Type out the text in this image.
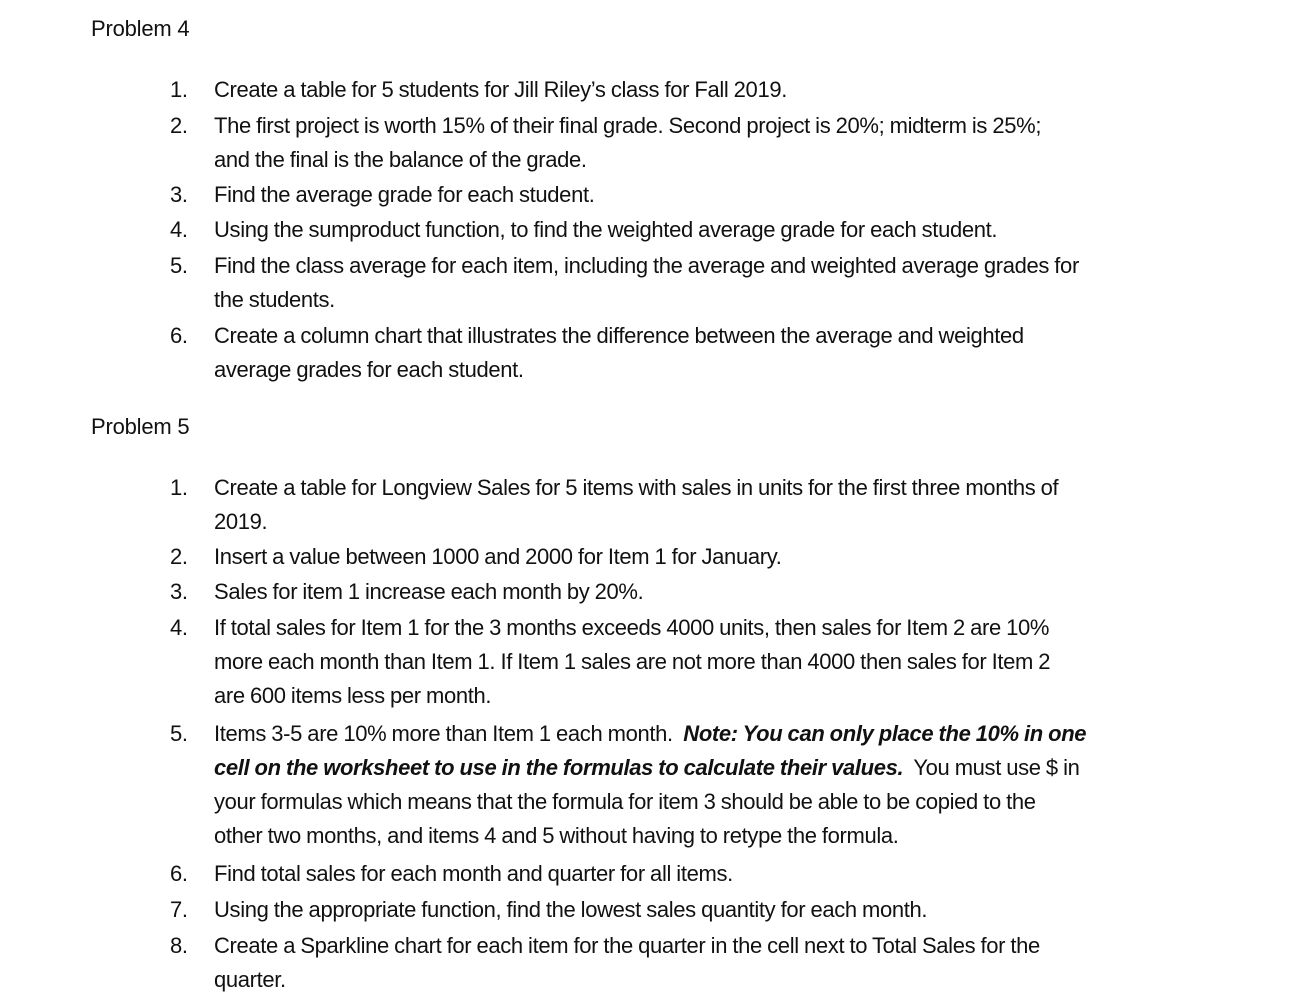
Problem 4
1.	Create a table for 5 students for Jill Riley’s class for Fall 2019.
2.	The first project is worth 15% of their final grade. Second project is 20%; midterm is 25%;
and the final is the balance of the grade.
3.	Find the average grade for each student.
4.	Using the sumproduct function, to find the weighted average grade for each student.
5.	Find the class average for each item, including the average and weighted average grades for
the students.
6.	Create a column chart that illustrates the difference between the average and weighted
average grades for each student.
Problem 5
1.	Create a table for Longview Sales for 5 items with sales in units for the first three months of
2019.
2.	Insert a value between 1000 and 2000 for Item 1 for January.
3.	Sales for item 1 increase each month by 20%.
4.	If total sales for Item 1 for the 3 months exceeds 4000 units, then sales for Item 2 are 10%
more each month than Item 1. If Item 1 sales are not more than 4000 then sales for Item 2
are 600 items less per month.
5.	Items 3-5 are 10% more than Item 1 each month.  Note: You can only place the 10% in one
cell on the worksheet to use in the formulas to calculate their values.  You must use $ in
your formulas which means that the formula for item 3 should be able to be copied to the
other two months, and items 4 and 5 without having to retype the formula.
6.	Find total sales for each month and quarter for all items.
7.	Using the appropriate function, find the lowest sales quantity for each month.
8.	Create a Sparkline chart for each item for the quarter in the cell next to Total Sales for the
quarter.
